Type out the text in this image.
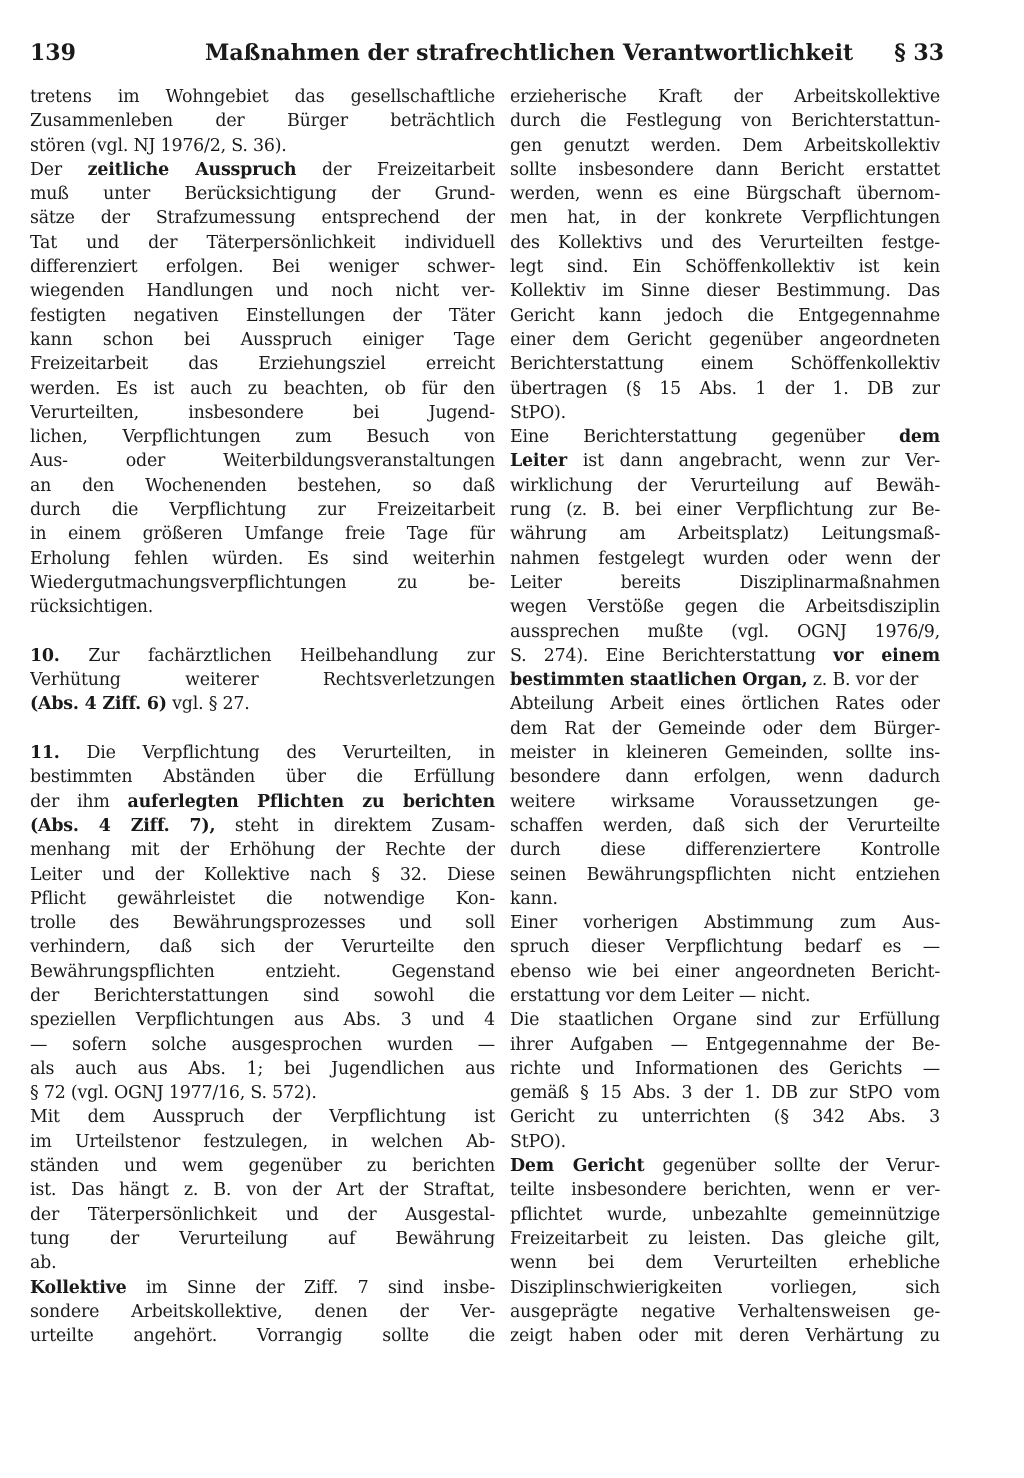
139	Maßnahmen der strafrechtlichen Verantwortlichkeit § 33
tretens im Wohngebiet das gesellschaftliche
Zusammenleben der Bürger beträchtlich
stören (vgl. NJ 1976/2, S. 36).
Der zeitliche Ausspruch der Freizeitarbeit
muß unter Berücksichtigung der Grund-
sätze der Strafzumessung entsprechend der
Tat und der Täterpersönlichkeit individuell
differenziert erfolgen. Bei weniger schwer-
wiegenden Handlungen und noch nicht ver-
festigten negativen Einstellungen der Täter
kann schon bei Ausspruch einiger Tage
Freizeitarbeit das Erziehungsziel erreicht
werden. Es ist auch zu beachten, ob für den
Verurteilten, insbesondere bei Jugend-
lichen, Verpflichtungen zum Besuch von
Aus- oder Weiterbildungsveranstaltungen
an den Wochenenden bestehen, so daß
durch die Verpflichtung zur Freizeitarbeit
in einem größeren Umfange freie Tage für
Erholung fehlen würden. Es sind weiterhin
Wiedergutmachungsverpflichtungen zu be-
rücksichtigen.
10. Zur fachärztlichen Heilbehandlung zur
Verhütung weiterer Rechtsverletzungen
(Abs. 4 Ziff. 6) vgl. § 27.
11. Die Verpflichtung des Verurteilten, in
bestimmten Abständen über die Erfüllung
der ihm auferlegten Pflichten zu berichten
(Abs. 4 Ziff. 7), steht in direktem Zusam-
menhang mit der Erhöhung der Rechte der
Leiter und der Kollektive nach § 32. Diese
Pflicht gewährleistet die notwendige Kon-
trolle des Bewährungsprozesses und soll
verhindern, daß sich der Verurteilte den
Bewährungspflichten entzieht. Gegenstand
der Berichterstattungen sind sowohl die
speziellen Verpflichtungen aus Abs. 3 und 4
— sofern solche ausgesprochen wurden —
als auch aus Abs. 1; bei Jugendlichen aus
§ 72 (vgl. OGNJ 1977/16, S. 572).
Mit dem Ausspruch der Verpflichtung ist
im Urteilstenor festzulegen, in welchen Ab-
ständen und wem gegenüber zu berichten
ist. Das hängt z. B. von der Art der Straftat,
der Täterpersönlichkeit und der Ausgestal-
tung der Verurteilung auf Bewährung
ab.
Kollektive im Sinne der Ziff. 7 sind insbe-
sondere Arbeitskollektive, denen der Ver-
urteilte angehört. Vorrangig sollte die
erzieherische Kraft der Arbeitskollektive
durch die Festlegung von Berichterstattun-
gen genutzt werden. Dem Arbeitskollektiv
sollte insbesondere dann Bericht erstattet
werden, wenn es eine Bürgschaft übernom-
men hat, in der konkrete Verpflichtungen
des Kollektivs und des Verurteilten festge-
legt sind. Ein Schöffenkollektiv ist kein
Kollektiv im Sinne dieser Bestimmung. Das
Gericht kann jedoch die Entgegennahme
einer dem Gericht gegenüber angeordneten
Berichterstattung einem Schöffenkollektiv
übertragen (§ 15 Abs. 1 der 1. DB zur
StPO).
Eine Berichterstattung gegenüber dem
Leiter ist dann angebracht, wenn zur Ver-
wirklichung der Verurteilung auf Bewäh-
rung (z. B. bei einer Verpflichtung zur Be-
währung am Arbeitsplatz) Leitungsmaß-
nahmen festgelegt wurden oder wenn der
Leiter bereits Disziplinarmaßnahmen
wegen Verstöße gegen die Arbeitsdisziplin
aussprechen mußte (vgl. OGNJ 1976/9,
S. 274). Eine Berichterstattung vor einem
bestimmten staatlichen Organ, z. B. vor der
Abteilung Arbeit eines örtlichen Rates oder
dem Rat der Gemeinde oder dem Bürger-
meister in kleineren Gemeinden, sollte ins-
besondere dann erfolgen, wenn dadurch
weitere wirksame Voraussetzungen ge-
schaffen werden, daß sich der Verurteilte
durch diese differenziertere Kontrolle
seinen Bewährungspflichten nicht entziehen
kann.
Einer vorherigen Abstimmung zum Aus-
spruch dieser Verpflichtung bedarf es —
ebenso wie bei einer angeordneten Bericht-
erstattung vor dem Leiter — nicht.
Die staatlichen Organe sind zur Erfüllung
ihrer Aufgaben — Entgegennahme der Be-
richte und Informationen des Gerichts —
gemäß § 15 Abs. 3 der 1. DB zur StPO vom
Gericht zu unterrichten (§ 342 Abs. 3
StPO).
Dem Gericht gegenüber sollte der Verur-
teilte insbesondere berichten, wenn er ver-
pflichtet wurde, unbezahlte gemeinnützige
Freizeitarbeit zu leisten. Das gleiche gilt,
wenn bei dem Verurteilten erhebliche
Disziplinschwierigkeiten vorliegen, sich
ausgeprägte negative Verhaltensweisen ge-
zeigt haben oder mit deren Verhärtung zu
